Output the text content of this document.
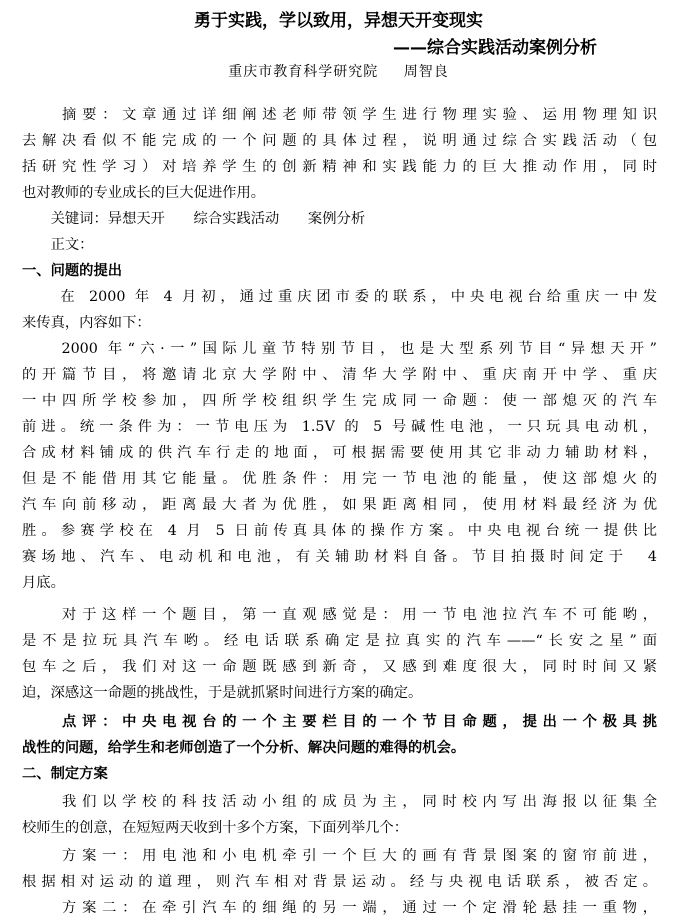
勇于实践，学以致用，异想天开变现实
——综合实践活动案例分析
重庆市教育科学研究院 周智良
　　摘要：文章通过详细阐述老师带领学生进行物理实验、运用物理知识
去解决看似不能完成的一个问题的具体过程，说明通过综合实践活动（包
括研究性学习）对培养学生的创新精神和实践能力的巨大推动作用，同时
也对教师的专业成长的巨大促进作用。
　　关键词：异想天开　　综合实践活动　　案例分析
　　正文：
一、问题的提出
　　在 2000 年 4 月初，通过重庆团市委的联系，中央电视台给重庆一中发
来传真，内容如下：
　　2000 年“六·一”国际儿童节特别节目，也是大型系列节目“异想天开”
的开篇节目，将邀请北京大学附中、清华大学附中、重庆南开中学、重庆
一中四所学校参加，四所学校组织学生完成同一命题：使一部熄灭的汽车
前进。统一条件为：一节电压为 1.5V 的 5 号碱性电池，一只玩具电动机，
合成材料铺成的供汽车行走的地面，可根据需要使用其它非动力辅助材料，
但是不能借用其它能量。优胜条件：用完一节电池的能量，使这部熄火的
汽车向前移动，距离最大者为优胜，如果距离相同，使用材料最经济为优
胜。参赛学校在 4 月 5 日前传真具体的操作方案。中央电视台统一提供比
赛场地、汽车、电动机和电池，有关辅助材料自备。节目拍摄时间定于　4
月底。
　　对于这样一个题目，第一直观感觉是：用一节电池拉汽车不可能哟，
是不是拉玩具汽车哟。经电话联系确定是拉真实的汽车——“长安之星”面
包车之后，我们对这一命题既感到新奇，又感到难度很大，同时时间又紧
迫，深感这一命题的挑战性，于是就抓紧时间进行方案的确定。
　　点评：中央电视台的一个主要栏目的一个节目命题，提出一个极具挑
战性的问题，给学生和老师创造了一个分析、解决问题的难得的机会。
二、制定方案
　　我们以学校的科技活动小组的成员为主，同时校内写出海报以征集全
校师生的创意，在短短两天收到十多个方案，下面列举几个：
　　方案一：用电池和小电机牵引一个巨大的画有背景图案的窗帘前进，
根据相对运动的道理，则汽车相对背景运动。经与央视电话联系，被否定。
　　方案二：在牵引汽车的细绳的另一端，通过一个定滑轮悬挂一重物，
